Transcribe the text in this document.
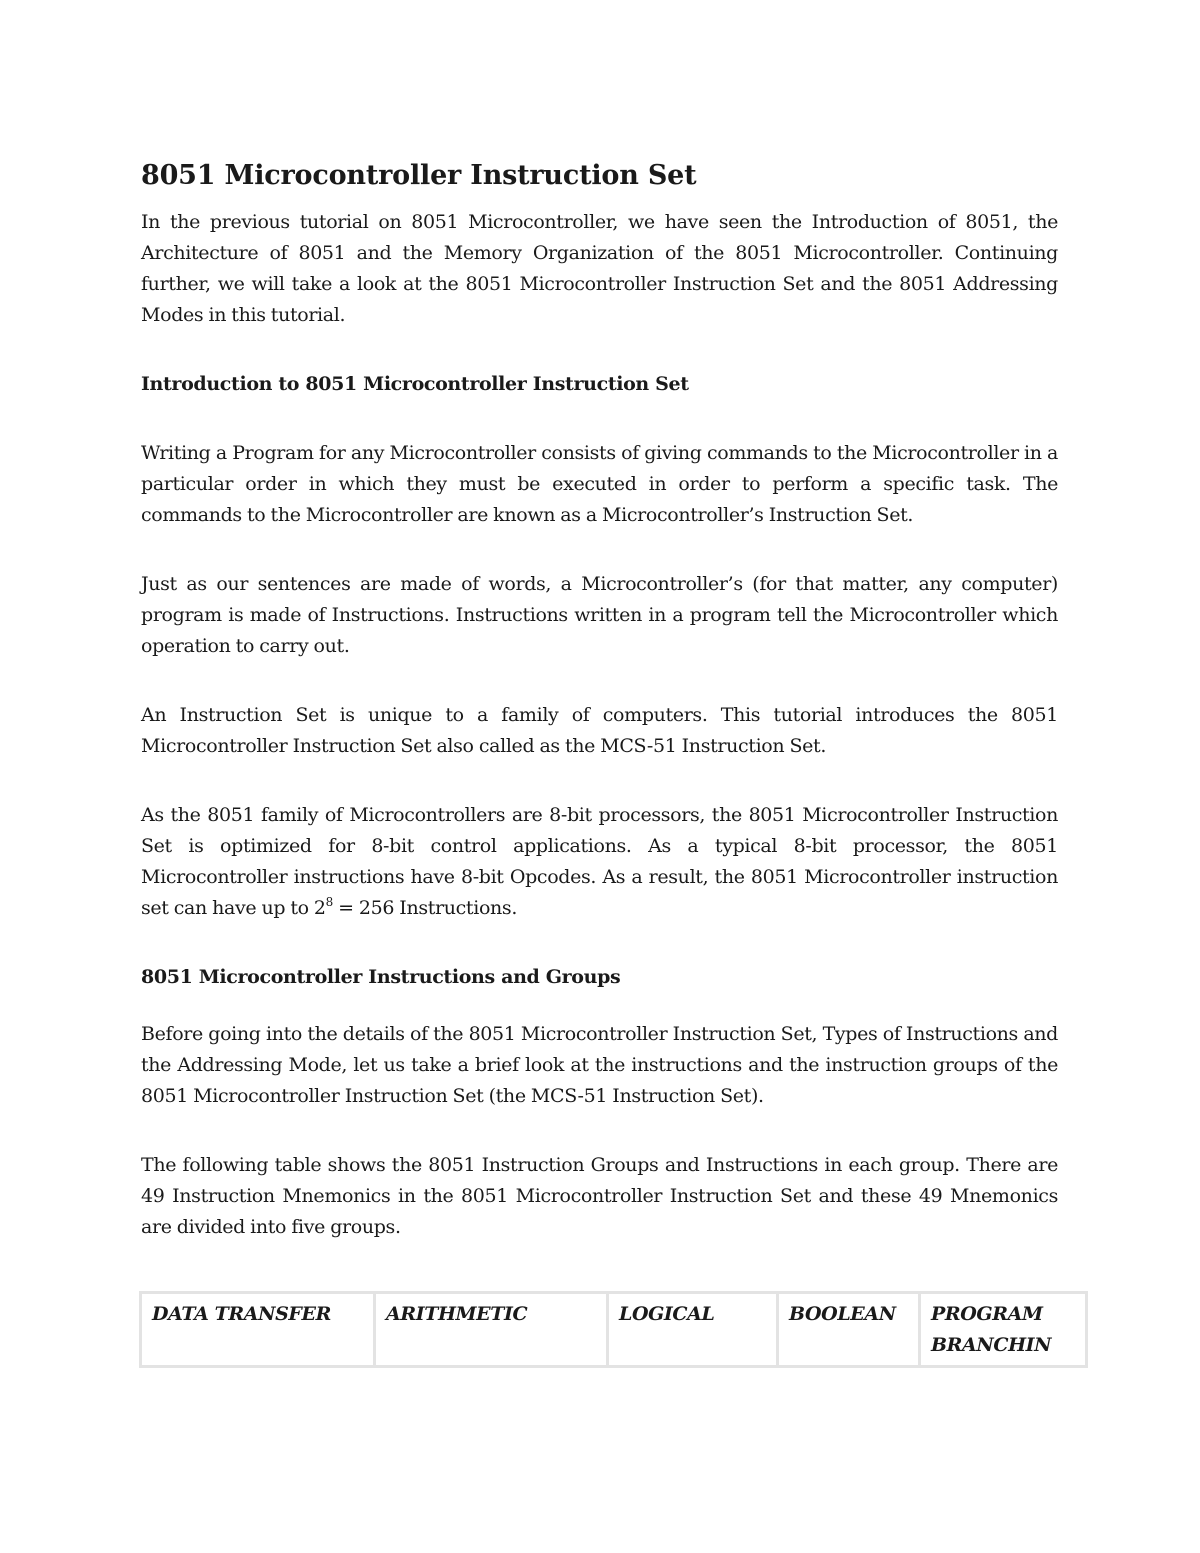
8051 Microcontroller Instruction Set

In the previous tutorial on 8051 Microcontroller, we have seen the Introduction of 8051, the Architecture of 8051 and the Memory Organization of the 8051 Microcontroller. Continuing further, we will take a look at the 8051 Microcontroller Instruction Set and the 8051 Addressing Modes in this tutorial.

Introduction to 8051 Microcontroller Instruction Set

Writing a Program for any Microcontroller consists of giving commands to the Microcontroller in a particular order in which they must be executed in order to perform a specific task. The commands to the Microcontroller are known as a Microcontroller’s Instruction Set.

Just as our sentences are made of words, a Microcontroller’s (for that matter, any computer) program is made of Instructions. Instructions written in a program tell the Microcontroller which operation to carry out.

An Instruction Set is unique to a family of computers. This tutorial introduces the 8051 Microcontroller Instruction Set also called as the MCS-51 Instruction Set.

As the 8051 family of Microcontrollers are 8-bit processors, the 8051 Microcontroller Instruction Set is optimized for 8-bit control applications. As a typical 8-bit processor, the 8051 Microcontroller instructions have 8-bit Opcodes. As a result, the 8051 Microcontroller instruction set can have up to $2^8 = 256$ Instructions.

8051 Microcontroller Instructions and Groups

Before going into the details of the 8051 Microcontroller Instruction Set, Types of Instructions and the Addressing Mode, let us take a brief look at the instructions and the instruction groups of the 8051 Microcontroller Instruction Set (the MCS-51 Instruction Set).

The following table shows the 8051 Instruction Groups and Instructions in each group. There are 49 Instruction Mnemonics in the 8051 Microcontroller Instruction Set and these 49 Mnemonics are divided into five groups.

DATA TRANSFER	ARITHMETIC	LOGICAL	BOOLEAN	PROGRAM BRANCHIN
